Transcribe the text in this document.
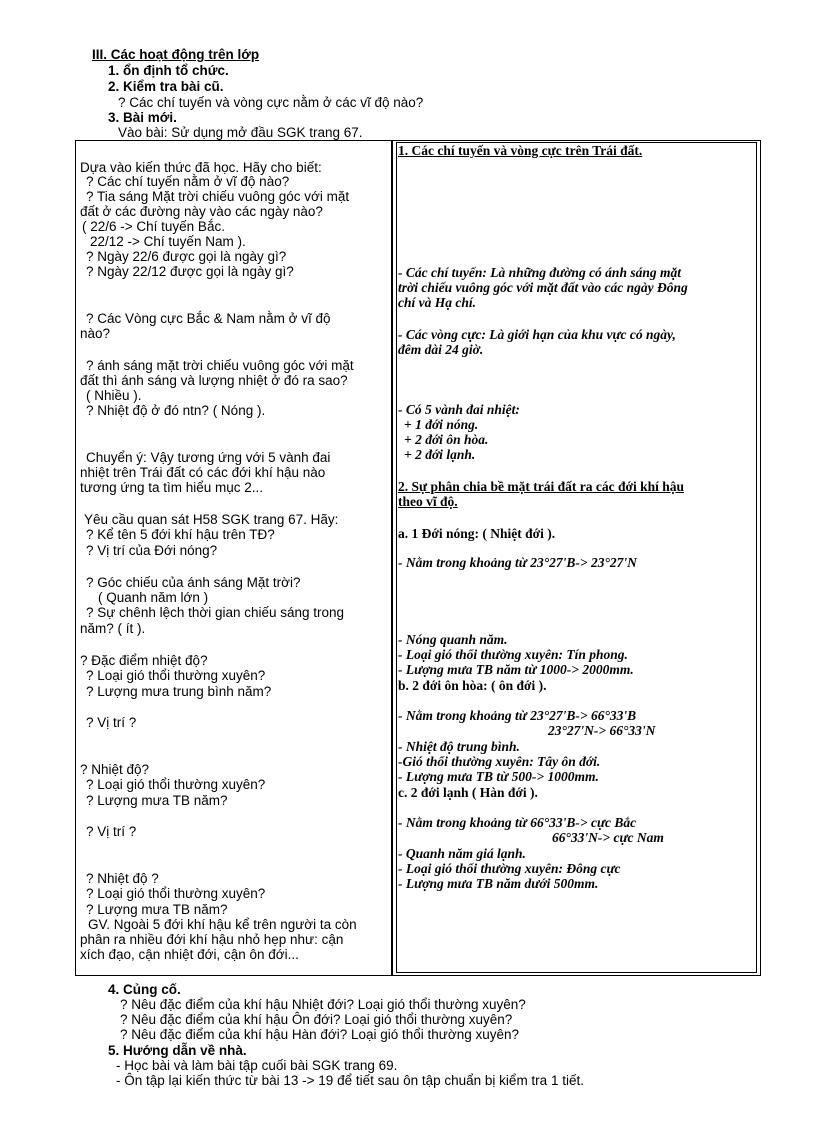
III. Các hoạt động trên lớp
1. ổn định tổ chức.
2. Kiểm tra bài cũ.
? Các chí tuyến và vòng cực nằm ở các vĩ độ nào?
3. Bài mới.
Vào bài: Sử dụng mở đầu SGK trang 67.
Dựa vào kiến thức đã học. Hãy cho biết:
? Các chí tuyến nằm ở vĩ độ nào?
? Tia sáng Mặt trời chiếu vuông góc với mặt
đất ở các đường này vào các ngày nào?
( 22/6 -> Chí tuyến Bắc.
22/12 -> Chí tuyến Nam ).
? Ngày 22/6 được gọi là ngày gì?
? Ngày 22/12 được gọi là ngày gì?
? Các Vòng cực Bắc & Nam nằm ở vĩ độ
nào?
? ánh sáng mặt trời chiếu vuông góc với mặt
đất thì ánh sáng và lượng nhiệt ở đó ra sao?
( Nhiều ).
? Nhiệt độ ở đó ntn? ( Nóng ).
Chuyển ý: Vậy tương ứng với 5 vành đai
nhiệt trên Trái đất có các đới khí hậu nào
tương ứng ta tìm hiểu mục 2...
Yêu cầu quan sát H58 SGK trang 67. Hãy:
? Kể tên 5 đới khí hậu trên TĐ?
? Vị trí của Đới nóng?
? Góc chiếu của ánh sáng Mặt trời?
( Quanh năm lớn )
? Sự chênh lệch thời gian chiếu sáng trong
năm? ( ít ).
? Đặc điểm nhiệt độ?
? Loại gió thổi thường xuyên?
? Lượng mưa trung bình năm?
? Vị trí ?
? Nhiệt độ?
? Loại gió thổi thường xuyên?
? Lượng mưa TB năm?
? Vị trí ?
? Nhiệt độ ?
? Loại gió thổi thường xuyên?
? Lượng mưa TB năm?
GV. Ngoài 5 đới khí hậu kể trên người ta còn
phân ra nhiều đới khí hậu nhỏ hẹp như: cận
xích đạo, cận nhiệt đới, cận ôn đới...
1. Các chí tuyến và vòng cực trên Trái đất.
- Các chí tuyến: Là những đường có ánh sáng mặt
trời chiếu vuông góc với mặt đất vào các ngày Đông
chí và Hạ chí.
- Các vòng cực: Là giới hạn của khu vực có ngày,
đêm dài 24 giờ.
- Có 5 vành đai nhiệt:
+ 1 đới nóng.
+ 2 đới ôn hòa.
+ 2 đới lạnh.
2. Sự phân chia bề mặt trái đất ra các đới khí hậu
theo vĩ độ.
a. 1 Đới nóng: ( Nhiệt đới ).
- Nằm trong khoảng từ 23°27'B-> 23°27'N
- Nóng quanh năm.
- Loại gió thổi thường xuyên: Tín phong.
- Lượng mưa TB năm từ 1000-> 2000mm.
b. 2 đới ôn hòa: ( ôn đới ).
- Nằm trong khoảng từ 23°27'B-> 66°33'B
23°27'N-> 66°33'N
- Nhiệt độ trung bình.
-Gió thổi thường xuyên: Tây ôn đới.
- Lượng mưa TB từ 500-> 1000mm.
c. 2 đới lạnh ( Hàn đới ).
- Nằm trong khoảng từ 66°33'B-> cực Bắc
66°33'N-> cực Nam
- Quanh năm giá lạnh.
- Loại gió thổi thường xuyên: Đông cực
- Lượng mưa TB năm dưới 500mm.
4. Củng cố.
? Nêu đặc điểm của khí hậu Nhiệt đới? Loại gió thổi thường xuyên?
? Nêu đặc điểm của khí hậu Ôn đới? Loại gió thổi thường xuyên?
? Nêu đặc điểm của khí hậu Hàn đới? Loại gió thổi thường xuyên?
5. Hướng dẫn về nhà.
- Học bài và làm bài tập cuối bài SGK trang 69.
- Ôn tập lại kiến thức từ bài 13 -> 19 để tiết sau ôn tập chuẩn bị kiểm tra 1 tiết.
